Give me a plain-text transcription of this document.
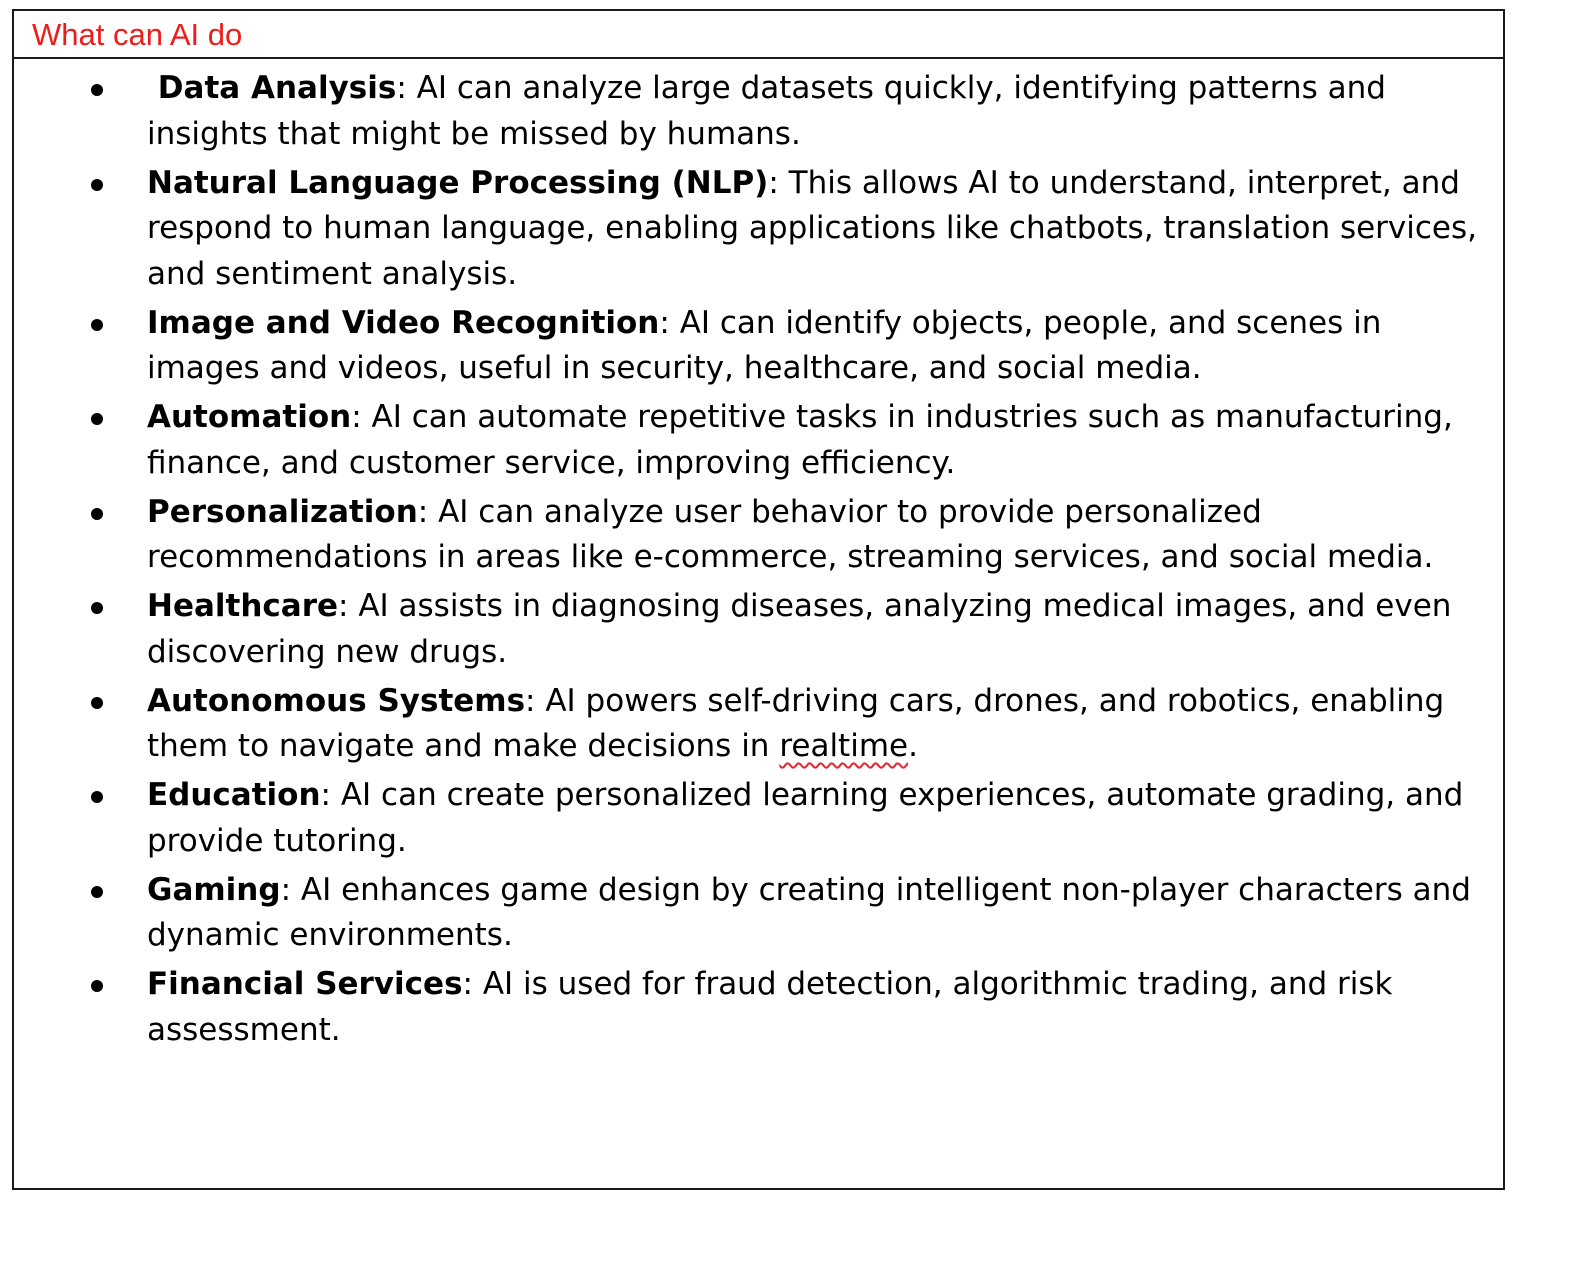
What can AI do
Data Analysis: AI can analyze large datasets quickly, identifying patterns and insights that might be missed by humans.
Natural Language Processing (NLP): This allows AI to understand, interpret, and respond to human language, enabling applications like chatbots, translation services, and sentiment analysis.
Image and Video Recognition: AI can identify objects, people, and scenes in images and videos, useful in security, healthcare, and social media.
Automation: AI can automate repetitive tasks in industries such as manufacturing, finance, and customer service, improving efficiency.
Personalization: AI can analyze user behavior to provide personalized recommendations in areas like e-commerce, streaming services, and social media.
Healthcare: AI assists in diagnosing diseases, analyzing medical images, and even discovering new drugs.
Autonomous Systems: AI powers self-driving cars, drones, and robotics, enabling them to navigate and make decisions in realtime.
Education: AI can create personalized learning experiences, automate grading, and provide tutoring.
Gaming: AI enhances game design by creating intelligent non-player characters and dynamic environments.
Financial Services: AI is used for fraud detection, algorithmic trading, and risk assessment.
